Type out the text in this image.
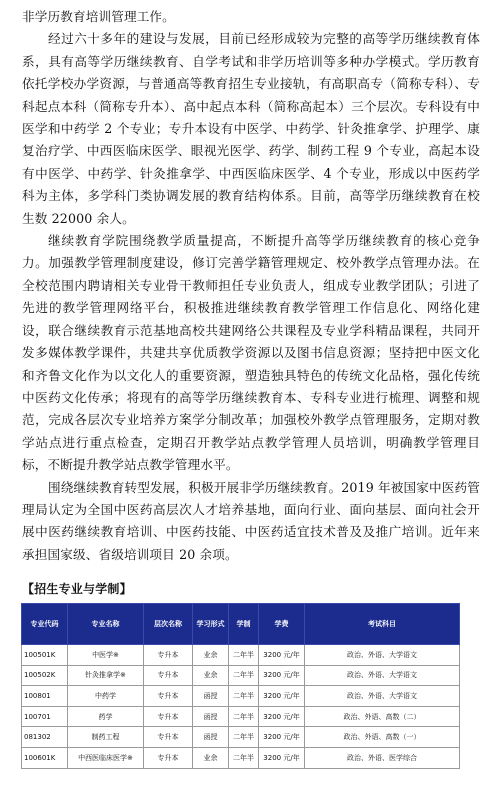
非学历教育培训管理工作。

经过六十多年的建设与发展，目前已经形成较为完整的高等学历继续教育体系，具有高等学历继续教育、自学考试和非学历培训等多种办学模式。学历教育依托学校办学资源，与普通高等教育招生专业接轨，有高职高专（简称专科）、专科起点本科（简称专升本）、高中起点本科（简称高起本）三个层次。专科设有中医学和中药学 2 个专业；专升本设有中医学、中药学、针灸推拿学、护理学、康复治疗学、中西医临床医学、眼视光医学、药学、制药工程 9 个专业，高起本设有中医学、中药学、针灸推拿学、中西医临床医学、4 个专业，形成以中医药学科为主体，多学科门类协调发展的教育结构体系。目前，高等学历继续教育在校生数 22000 余人。

继续教育学院围绕教学质量提高，不断提升高等学历继续教育的核心竞争力。加强教学管理制度建设，修订完善学籍管理规定、校外教学点管理办法。在全校范围内聘请相关专业骨干教师担任专业负责人，组成专业教学团队；引进了先进的教学管理网络平台，积极推进继续教育教学管理工作信息化、网络化建设，联合继续教育示范基地高校共建网络公共课程及专业学科精品课程，共同开发多媒体教学课件，共建共享优质教学资源以及图书信息资源；坚持把中医文化和齐鲁文化作为以文化人的重要资源，塑造独具特色的传统文化品格，强化传统中医药文化传承；将现有的高等学历继续教育本、专科专业进行梳理、调整和规范，完成各层次专业培养方案学分制改革；加强校外教学点管理服务，定期对教学站点进行重点检查，定期召开教学站点教学管理人员培训，明确教学管理目标，不断提升教学站点教学管理水平。

围绕继续教育转型发展，积极开展非学历继续教育。2019 年被国家中医药管理局认定为全国中医药高层次人才培养基地，面向行业、面向基层、面向社会开展中医药继续教育培训、中医药技能、中医药适宜技术普及及推广培训。近年来承担国家级、省级培训项目 20 余项。

【招生专业与学制】
专业代码	专业名称	层次名称	学习形式	学制	学费	考试科目
100501K	中医学※	专升本	业余	二年半	3200 元/年	政治、外语、大学语文
100502K	针灸推拿学※	专升本	业余	二年半	3200 元/年	政治、外语、大学语文
100801	中药学	专升本	函授	二年半	3200 元/年	政治、外语、大学语文
100701	药学	专升本	函授	二年半	3200 元/年	政治、外语、高数（二）
081302	制药工程	专升本	函授	二年半	3200 元/年	政治、外语、高数（一）
100601K	中西医临床医学※	专升本	业余	二年半	3200 元/年	政治、外语、医学综合
